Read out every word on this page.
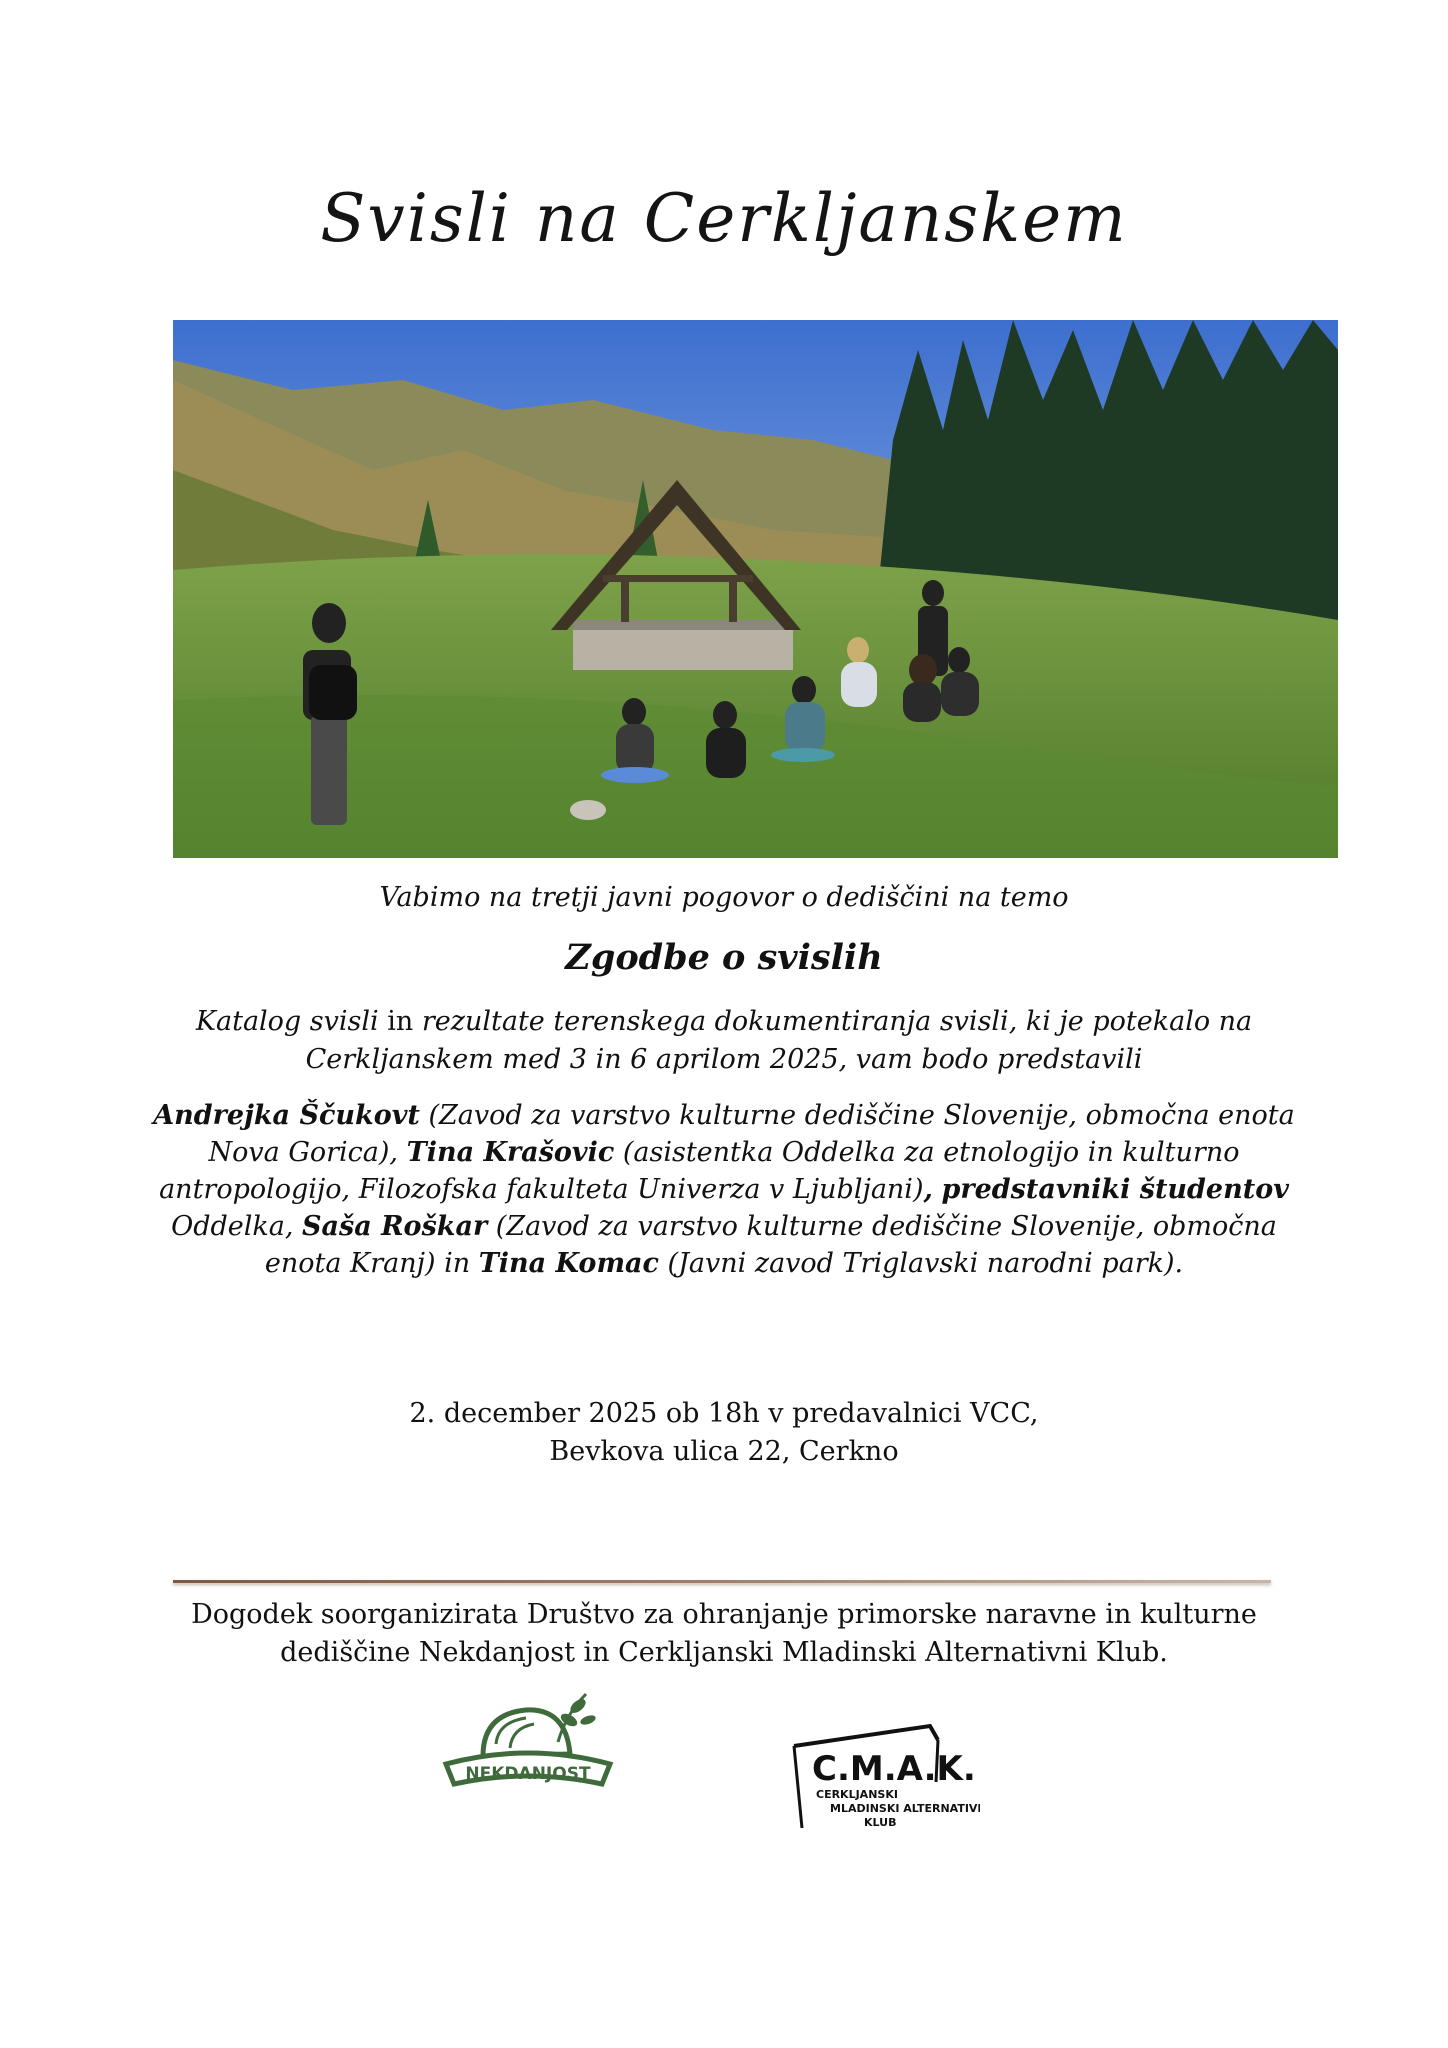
Svisli na Cerkljanskem
Vabimo na tretji javni pogovor o dediščini na temo
Zgodbe o svislih
Katalog svisli in rezultate terenskega dokumentiranja svisli, ki je potekalo na Cerkljanskem med 3 in 6 aprilom 2025, vam bodo predstavili
Andrejka Ščukovt (Zavod za varstvo kulturne dediščine Slovenije, območna enota Nova Gorica), Tina Krašovic (asistentka Oddelka za etnologijo in kulturno antropologijo, Filozofska fakulteta Univerza v Ljubljani), predstavniki študentov Oddelka, Saša Roškar (Zavod za varstvo kulturne dediščine Slovenije, območna enota Kranj) in Tina Komac (Javni zavod Triglavski narodni park).
2. december 2025 ob 18h v predavalnici VCC,
Bevkova ulica 22, Cerkno
Dogodek soorganizirata Društvo za ohranjanje primorske naravne in kulturne dediščine Nekdanjost in Cerkljanski Mladinski Alternativni Klub.
NEKDANJOST	C.M.A.K.
CERKLJANSKI
MLADINSKI ALTERNATIVNI
KLUB
